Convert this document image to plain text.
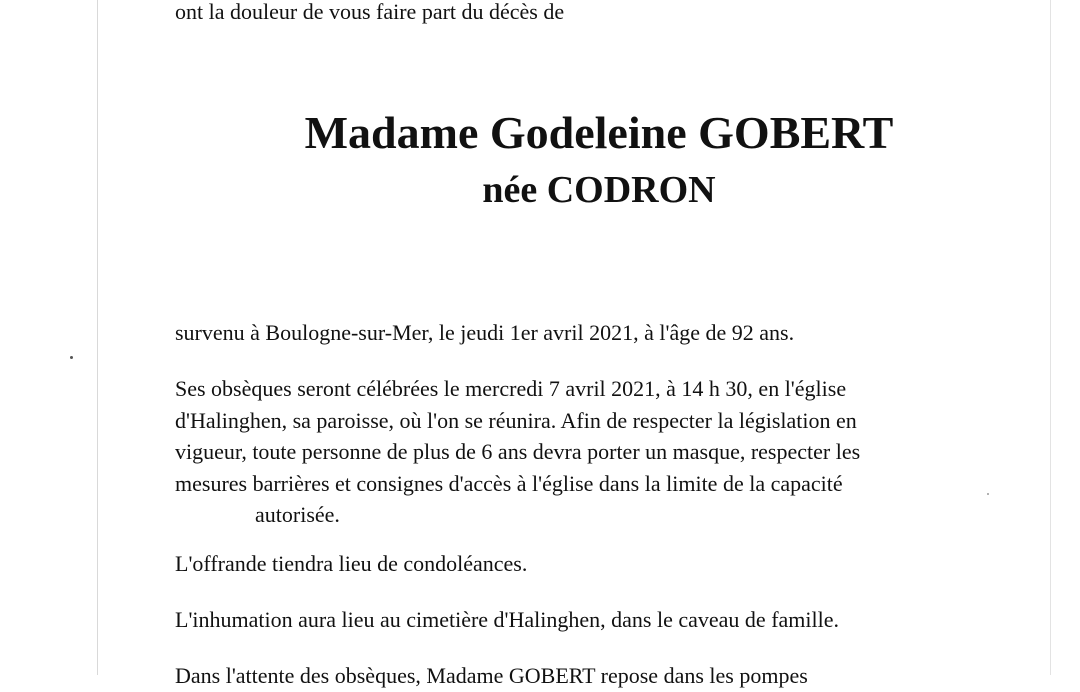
ont la douleur de vous faire part du décès de
Madame Godeleine GOBERT
née CODRON
survenu à Boulogne-sur-Mer, le jeudi 1er avril 2021, à l'âge de 92 ans.
Ses obsèques seront célébrées le mercredi 7 avril 2021, à 14 h 30, en l'église
d'Halinghen, sa paroisse, où l'on se réunira. Afin de respecter la législation en
vigueur, toute personne de plus de 6 ans devra porter un masque, respecter les
mesures barrières et consignes d'accès à l'église dans la limite de la capacité
autorisée.
L'offrande tiendra lieu de condoléances.
L'inhumation aura lieu au cimetière d'Halinghen, dans le caveau de famille.
Dans l'attente des obsèques, Madame GOBERT repose dans les pompes
